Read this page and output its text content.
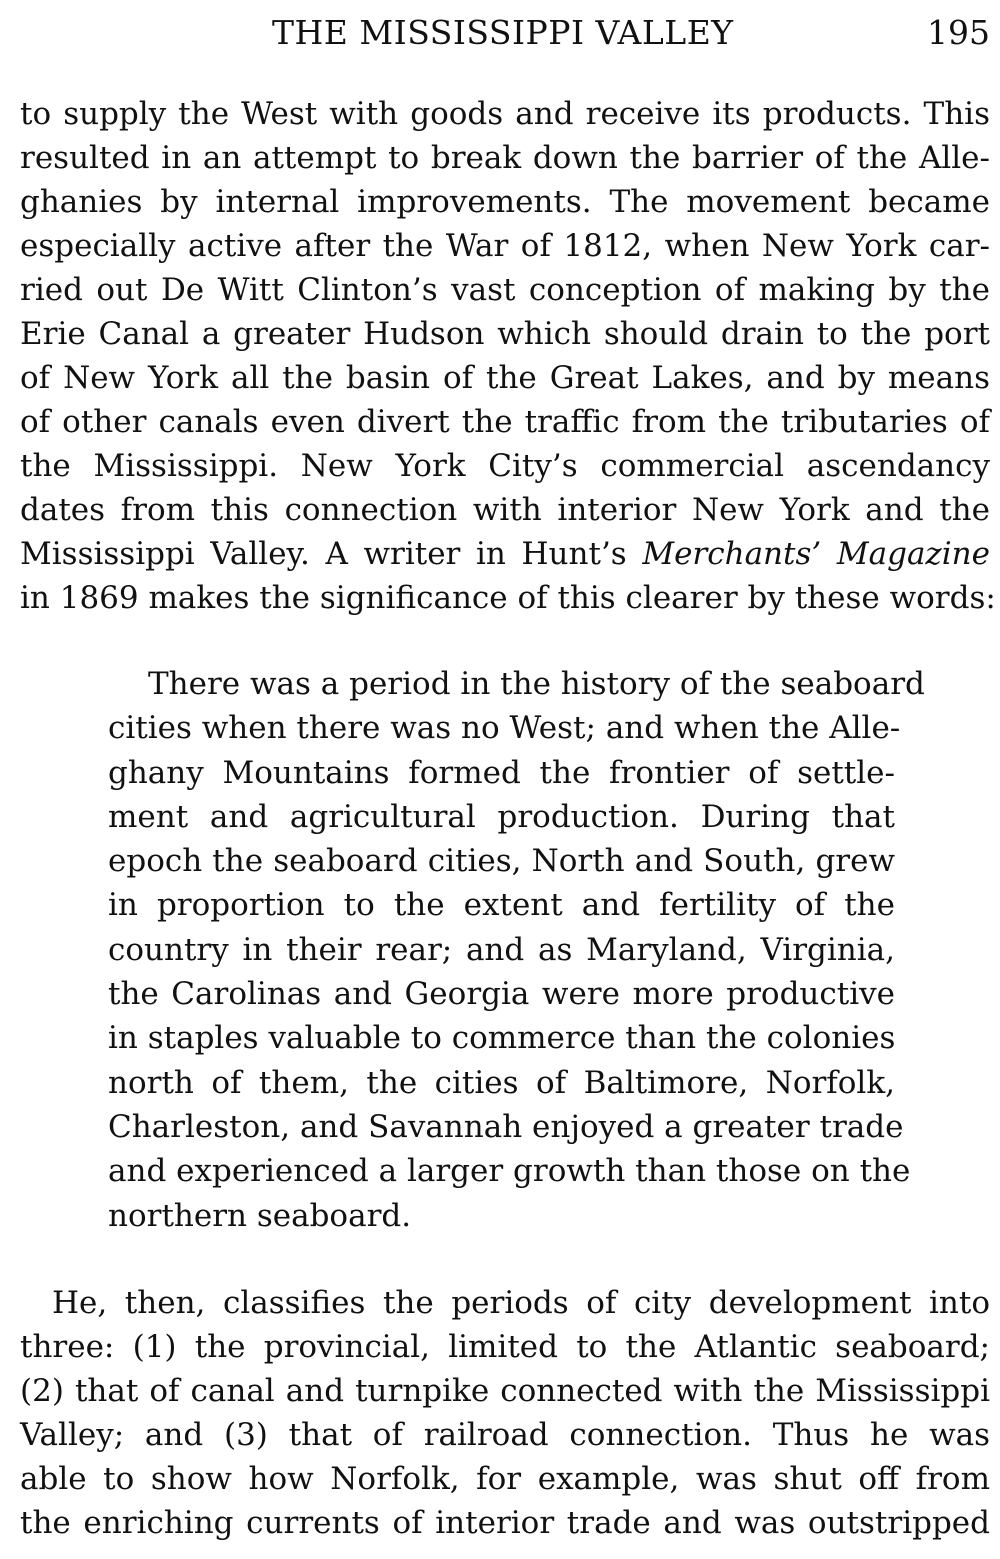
THE MISSISSIPPI VALLEY	195
to supply the West with goods and receive its products. This
resulted in an attempt to break down the barrier of the Alle-
ghanies by internal improvements. The movement became
especially active after the War of 1812, when New York car-
ried out De Witt Clinton’s vast conception of making by the
Erie Canal a greater Hudson which should drain to the port
of New York all the basin of the Great Lakes, and by means
of other canals even divert the traffic from the tributaries of
the Mississippi. New York City’s commercial ascendancy
dates from this connection with interior New York and the
Mississippi Valley. A writer in Hunt’s Merchants’ Magazine
in 1869 makes the significance of this clearer by these words:
There was a period in the history of the seaboard
cities when there was no West; and when the Alle-
ghany Mountains formed the frontier of settle-
ment and agricultural production. During that
epoch the seaboard cities, North and South, grew
in proportion to the extent and fertility of the
country in their rear; and as Maryland, Virginia,
the Carolinas and Georgia were more productive
in staples valuable to commerce than the colonies
north of them, the cities of Baltimore, Norfolk,
Charleston, and Savannah enjoyed a greater trade
and experienced a larger growth than those on the
northern seaboard.
He, then, classifies the periods of city development into
three: (1) the provincial, limited to the Atlantic seaboard;
(2) that of canal and turnpike connected with the Mississippi
Valley; and (3) that of railroad connection. Thus he was
able to show how Norfolk, for example, was shut off from
the enriching currents of interior trade and was outstripped
